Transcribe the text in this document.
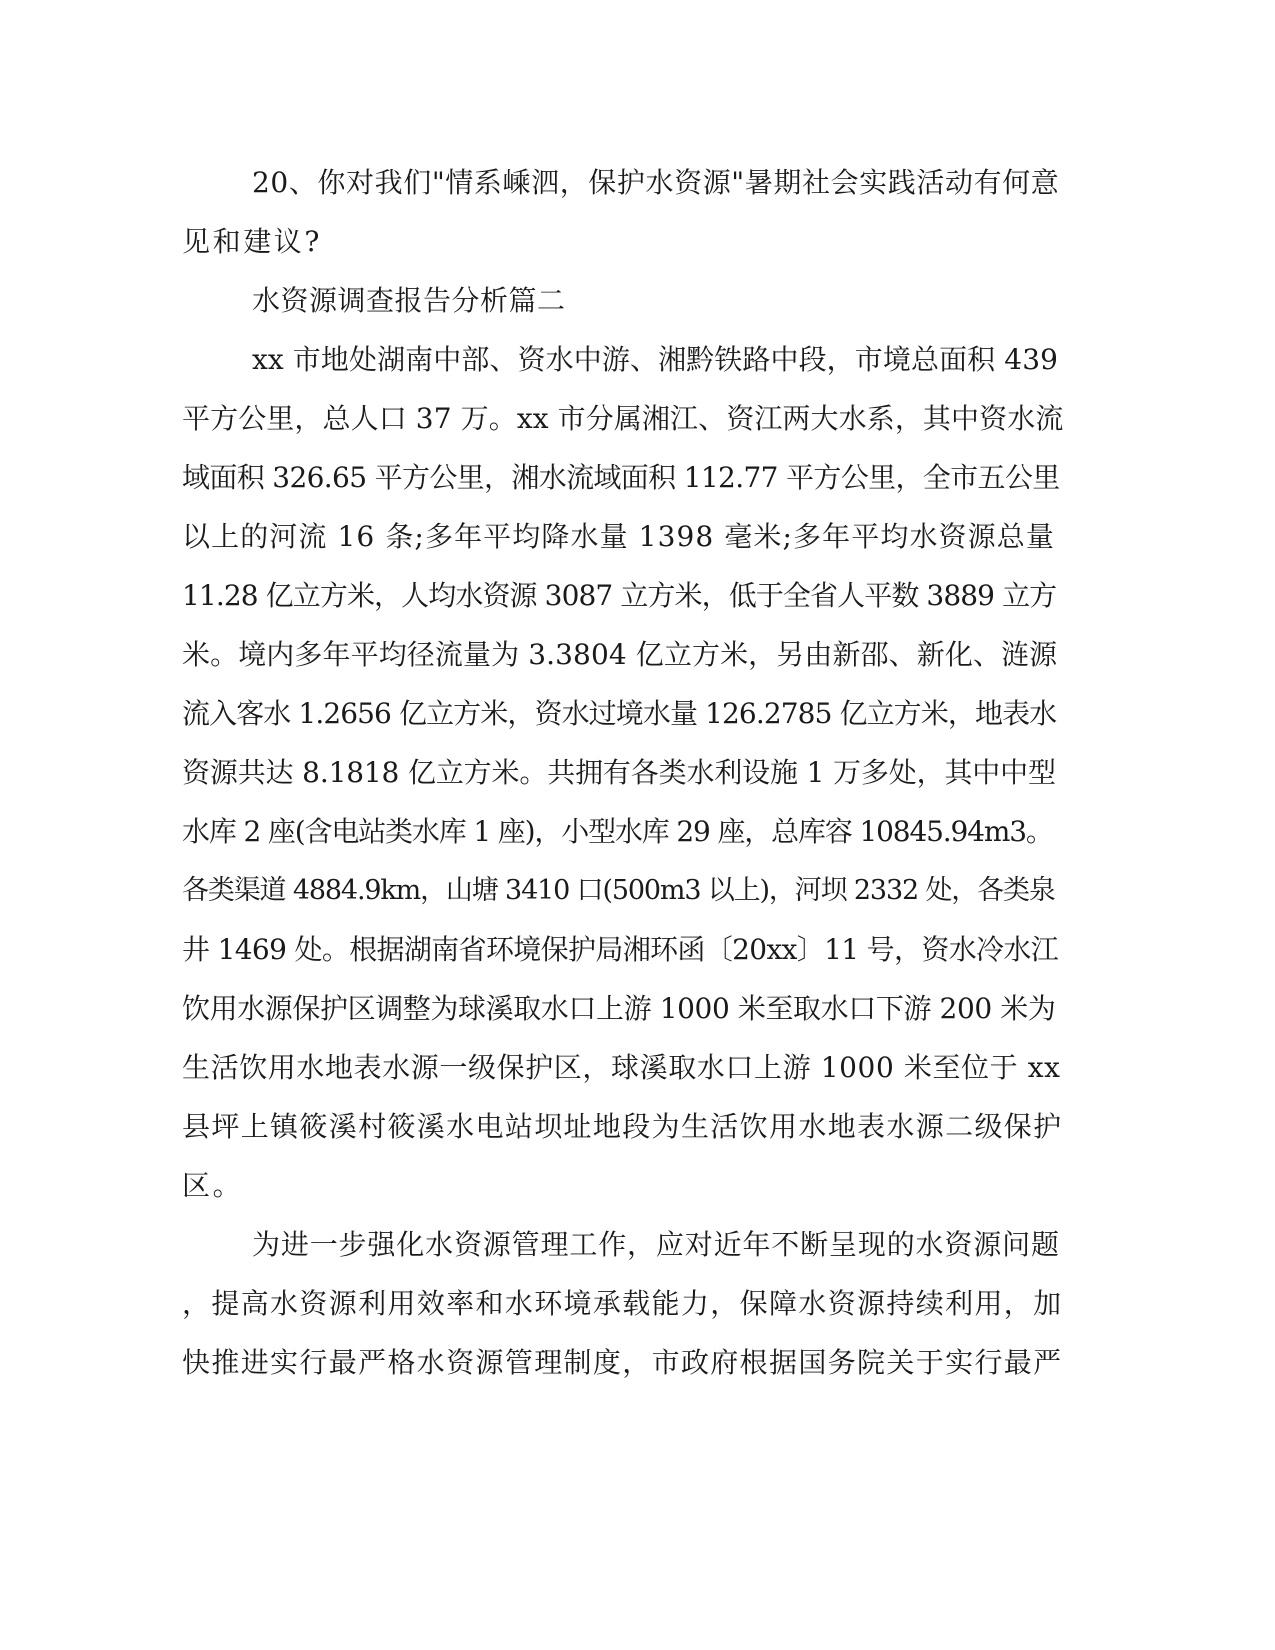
20、你对我们"情系嵊泗，保护水资源"暑期社会实践活动有何意
见和建议?
水资源调查报告分析篇二
xx 市地处湖南中部、资水中游、湘黔铁路中段，市境总面积 439
平方公里，总人口 37 万。xx 市分属湘江、资江两大水系，其中资水流
域面积 326.65 平方公里，湘水流域面积 112.77 平方公里，全市五公里
以上的河流 16 条;多年平均降水量 1398 毫米;多年平均水资源总量
11.28 亿立方米，人均水资源 3087 立方米，低于全省人平数 3889 立方
米。境内多年平均径流量为 3.3804 亿立方米，另由新邵、新化、涟源
流入客水 1.2656 亿立方米，资水过境水量 126.2785 亿立方米，地表水
资源共达 8.1818 亿立方米。共拥有各类水利设施 1 万多处，其中中型
水库 2 座(含电站类水库 1 座)，小型水库 29 座，总库容 10845.94m3。
各类渠道 4884.9km，山塘 3410 口(500m3 以上)，河坝 2332 处，各类泉
井 1469 处。根据湖南省环境保护局湘环函〔20xx〕11 号，资水冷水江
饮用水源保护区调整为球溪取水口上游 1000 米至取水口下游 200 米为
生活饮用水地表水源一级保护区，球溪取水口上游 1000 米至位于 xx
县坪上镇筱溪村筱溪水电站坝址地段为生活饮用水地表水源二级保护
区。
为进一步强化水资源管理工作，应对近年不断呈现的水资源问题
，提高水资源利用效率和水环境承载能力，保障水资源持续利用，加
快推进实行最严格水资源管理制度，市政府根据国务院关于实行最严
